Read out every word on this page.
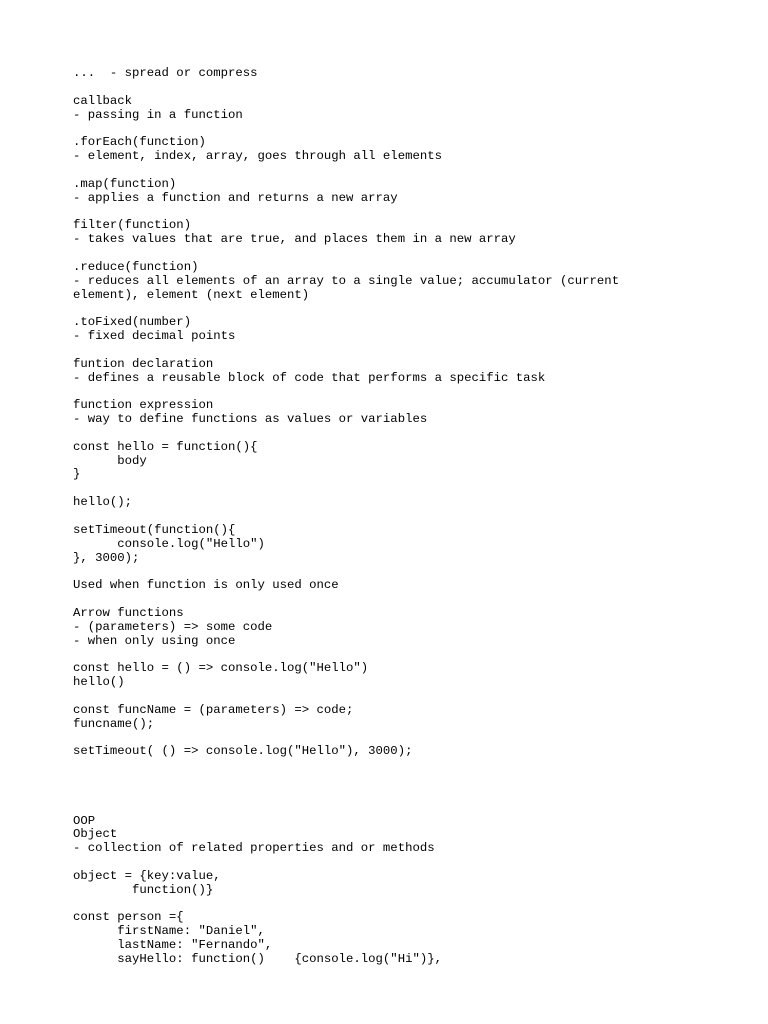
...  - spread or compress
callback
- passing in a function
.forEach(function)
- element, index, array, goes through all elements
.map(function)
- applies a function and returns a new array
filter(function)
- takes values that are true, and places them in a new array
.reduce(function)
- reduces all elements of an array to a single value; accumulator (current
element), element (next element)
.toFixed(number)
- fixed decimal points
funtion declaration
- defines a reusable block of code that performs a specific task
function expression
- way to define functions as values or variables
const hello = function(){
body
}
hello();
setTimeout(function(){
console.log("Hello")
}, 3000);
Used when function is only used once
Arrow functions
- (parameters) => some code
- when only using once
const hello = () => console.log("Hello")
hello()
const funcName = (parameters) => code;
funcname();
setTimeout( () => console.log("Hello"), 3000);
OOP
Object
- collection of related properties and or methods
object = {key:value,
function()}
const person ={
firstName: "Daniel",
lastName: "Fernando",
sayHello: function()    {console.log("Hi")},
